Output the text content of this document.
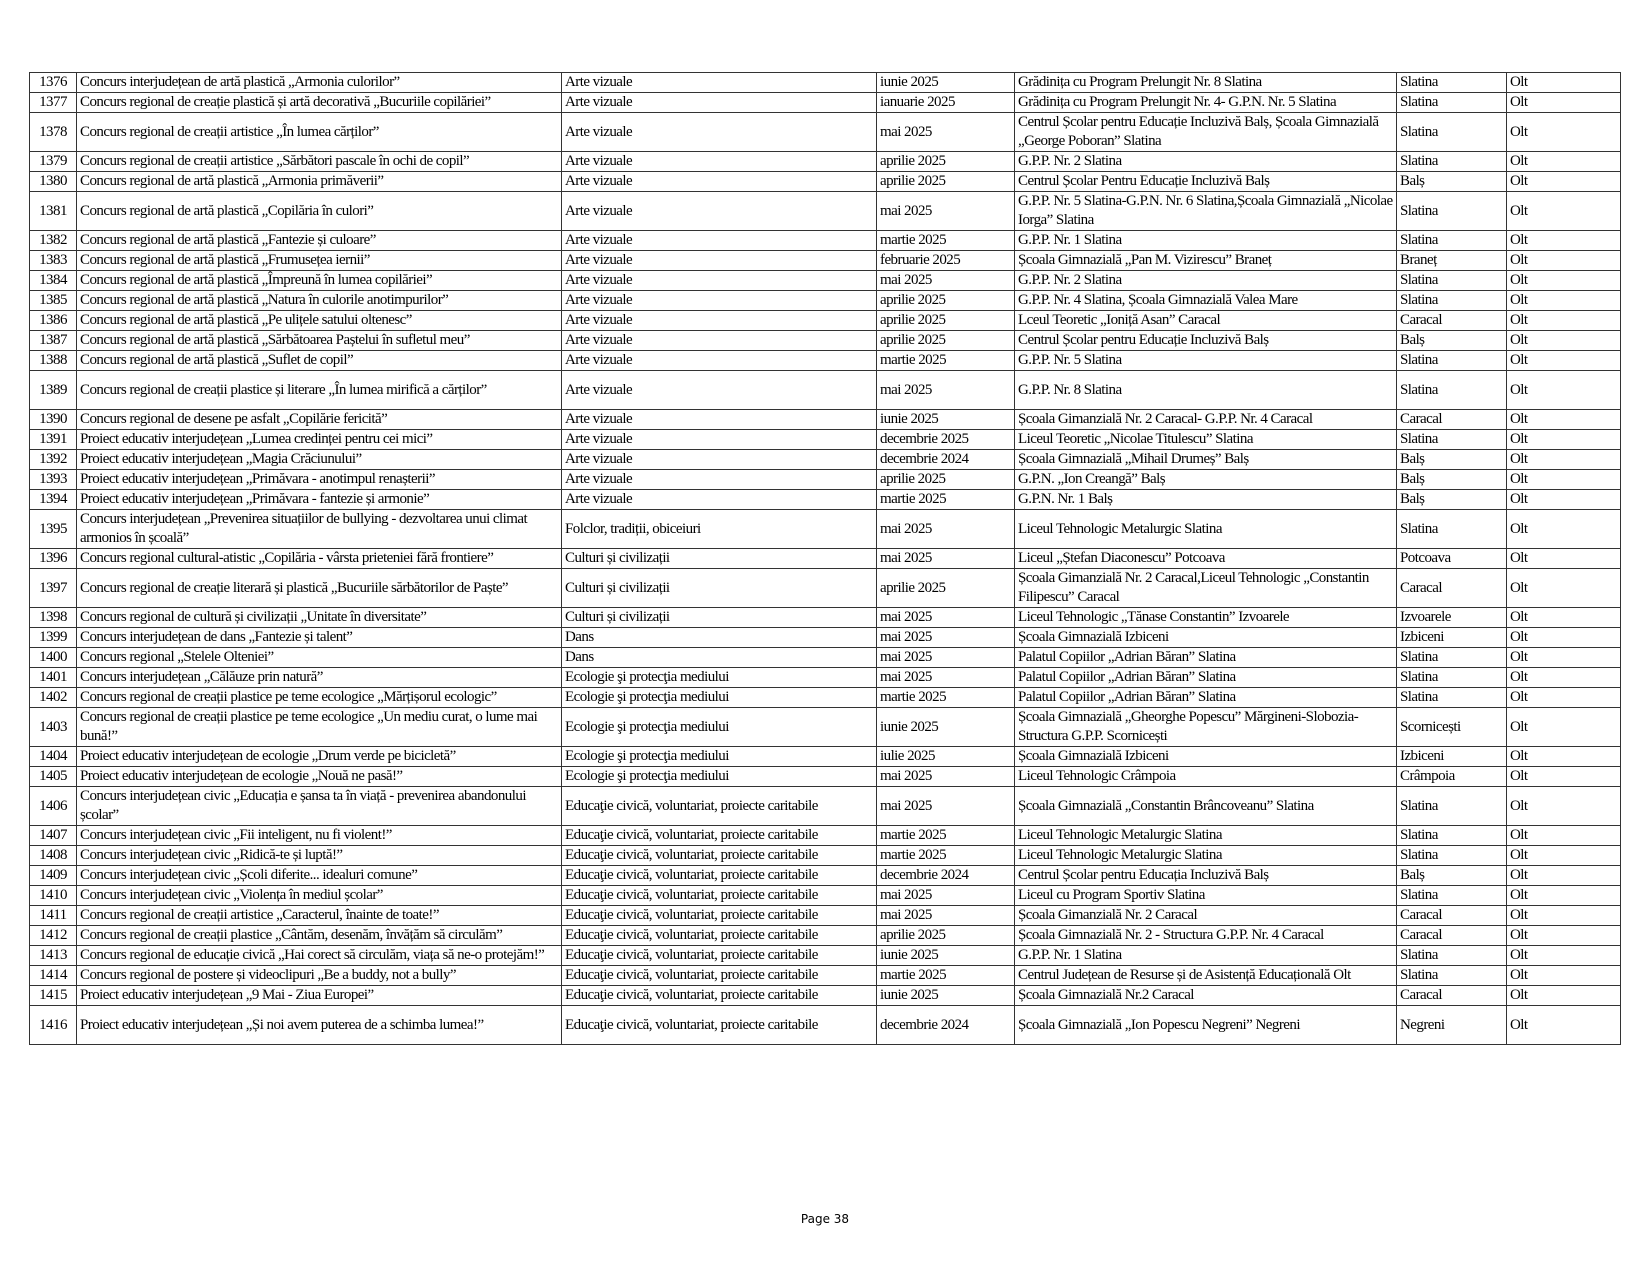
1376	Concurs interjudețean de artă plastică „Armonia culorilor”	Arte vizuale	iunie 2025	Grădinița cu Program Prelungit Nr. 8 Slatina	Slatina	Olt
1377	Concurs regional de creație plastică și artă decorativă „Bucuriile copilăriei”	Arte vizuale	ianuarie 2025	Grădinița cu Program Prelungit Nr. 4- G.P.N. Nr. 5 Slatina	Slatina	Olt
1378	Concurs regional de creații artistice „În lumea cărților”	Arte vizuale	mai 2025	Centrul Școlar pentru Educație Incluzivă Balș, Școala Gimnazială „George Poboran” Slatina	Slatina	Olt
1379	Concurs regional de creații artistice „Sărbători pascale în ochi de copil”	Arte vizuale	aprilie 2025	G.P.P. Nr. 2 Slatina	Slatina	Olt
1380	Concurs regional de artă plastică „Armonia primăverii”	Arte vizuale	aprilie 2025	Centrul Școlar Pentru Educație Incluzivă Balș	Balș	Olt
1381	Concurs regional de artă plastică „Copilăria în culori”	Arte vizuale	mai 2025	G.P.P. Nr. 5 Slatina-G.P.N. Nr. 6 Slatina,Școala Gimnazială „Nicolae Iorga” Slatina	Slatina	Olt
1382	Concurs regional de artă plastică „Fantezie și culoare”	Arte vizuale	martie 2025	G.P.P. Nr. 1 Slatina	Slatina	Olt
1383	Concurs regional de artă plastică „Frumusețea iernii”	Arte vizuale	februarie 2025	Școala Gimnazială „Pan M. Vizirescu” Braneț	Braneț	Olt
1384	Concurs regional de artă plastică „Împreună în lumea copilăriei”	Arte vizuale	mai 2025	G.P.P. Nr. 2 Slatina	Slatina	Olt
1385	Concurs regional de artă plastică „Natura în culorile anotimpurilor”	Arte vizuale	aprilie 2025	G.P.P. Nr. 4 Slatina, Școala Gimnazială Valea Mare	Slatina	Olt
1386	Concurs regional de artă plastică „Pe ulițele satului oltenesc”	Arte vizuale	aprilie 2025	Lceul Teoretic „Ioniță Asan” Caracal	Caracal	Olt
1387	Concurs regional de artă plastică „Sărbătoarea Paștelui în sufletul meu”	Arte vizuale	aprilie 2025	Centrul Școlar pentru Educație Incluzivă Balș	Balș	Olt
1388	Concurs regional de artă plastică „Suflet de copil”	Arte vizuale	martie 2025	G.P.P. Nr. 5 Slatina	Slatina	Olt
1389	Concurs regional de creații plastice și literare „În lumea mirifică a cărților”	Arte vizuale	mai 2025	G.P.P. Nr. 8 Slatina	Slatina	Olt
1390	Concurs regional de desene pe asfalt „Copilărie fericită”	Arte vizuale	iunie 2025	Școala Gimanzială Nr. 2 Caracal- G.P.P. Nr. 4 Caracal	Caracal	Olt
1391	Proiect educativ interjudețean „Lumea credinței pentru cei mici”	Arte vizuale	decembrie 2025	Liceul Teoretic „Nicolae Titulescu” Slatina	Slatina	Olt
1392	Proiect educativ interjudețean „Magia Crăciunului”	Arte vizuale	decembrie 2024	Școala Gimnazială „Mihail Drumeș” Balș	Balș	Olt
1393	Proiect educativ interjudețean „Primăvara - anotimpul renașterii”	Arte vizuale	aprilie 2025	G.P.N. „Ion Creangă” Balș	Balș	Olt
1394	Proiect educativ interjudețean „Primăvara - fantezie și armonie”	Arte vizuale	martie 2025	G.P.N. Nr. 1 Balș	Balș	Olt
1395	Concurs interjudețean „Prevenirea situațiilor de bullying - dezvoltarea unui climat armonios în școală”	Folclor, tradiții, obiceiuri	mai 2025	Liceul Tehnologic Metalurgic Slatina	Slatina	Olt
1396	Concurs regional cultural-atistic „Copilăria - vârsta prieteniei fără frontiere”	Culturi și civilizații	mai 2025	Liceul „Ștefan Diaconescu” Potcoava	Potcoava	Olt
1397	Concurs regional de creație literară și plastică „Bucuriile sărbătorilor de Paște”	Culturi și civilizații	aprilie 2025	Școala Gimanzială Nr. 2 Caracal,Liceul Tehnologic „Constantin Filipescu” Caracal	Caracal	Olt
1398	Concurs regional de cultură și civilizații „Unitate în diversitate”	Culturi și civilizații	mai 2025	Liceul Tehnologic „Tănase Constantin” Izvoarele	Izvoarele	Olt
1399	Concurs interjudețean de dans „Fantezie și talent”	Dans	mai 2025	Școala Gimnazială Izbiceni	Izbiceni	Olt
1400	Concurs regional „Stelele Olteniei”	Dans	mai 2025	Palatul Copiilor „Adrian Băran” Slatina	Slatina	Olt
1401	Concurs interjudețean „Călăuze prin natură”	Ecologie şi protecţia mediului	mai 2025	Palatul Copiilor „Adrian Băran” Slatina	Slatina	Olt
1402	Concurs regional de creații plastice pe teme ecologice „Mărțișorul ecologic”	Ecologie şi protecţia mediului	martie 2025	Palatul Copiilor „Adrian Băran” Slatina	Slatina	Olt
1403	Concurs regional de creații plastice pe teme ecologice „Un mediu curat, o lume mai bună!”	Ecologie şi protecţia mediului	iunie 2025	Școala Gimnazială „Gheorghe Popescu” Mărgineni-Slobozia- Structura G.P.P. Scornicești	Scornicești	Olt
1404	Proiect educativ interjudețean de ecologie „Drum verde pe bicicletă”	Ecologie şi protecţia mediului	iulie 2025	Școala Gimnazială Izbiceni	Izbiceni	Olt
1405	Proiect educativ interjudețean de ecologie „Nouă ne pasă!”	Ecologie şi protecţia mediului	mai 2025	Liceul Tehnologic Crâmpoia	Crâmpoia	Olt
1406	Concurs interjudețean civic „Educația e șansa ta în viață - prevenirea abandonului școlar”	Educaţie civică, voluntariat, proiecte caritabile	mai 2025	Școala Gimnazială „Constantin Brâncoveanu” Slatina	Slatina	Olt
1407	Concurs interjudețean civic „Fii inteligent, nu fi violent!”	Educaţie civică, voluntariat, proiecte caritabile	martie 2025	Liceul Tehnologic Metalurgic Slatina	Slatina	Olt
1408	Concurs interjudețean civic „Ridică-te și luptă!”	Educaţie civică, voluntariat, proiecte caritabile	martie 2025	Liceul Tehnologic Metalurgic Slatina	Slatina	Olt
1409	Concurs interjudețean civic „Școli diferite... idealuri comune”	Educaţie civică, voluntariat, proiecte caritabile	decembrie 2024	Centrul Școlar pentru Educația Incluzivă Balș	Balș	Olt
1410	Concurs interjudețean civic „Violența în mediul școlar”	Educaţie civică, voluntariat, proiecte caritabile	mai 2025	Liceul cu Program Sportiv Slatina	Slatina	Olt
1411	Concurs regional de creații artistice „Caracterul, înainte de toate!”	Educaţie civică, voluntariat, proiecte caritabile	mai 2025	Școala Gimanzială Nr. 2 Caracal	Caracal	Olt
1412	Concurs regional de creații plastice „Cântăm, desenăm, învățăm să circulăm”	Educaţie civică, voluntariat, proiecte caritabile	aprilie 2025	Școala Gimnazială Nr. 2 - Structura G.P.P. Nr. 4 Caracal	Caracal	Olt
1413	Concurs regional de educație civică „Hai corect să circulăm, viața să ne-o protejăm!”	Educaţie civică, voluntariat, proiecte caritabile	iunie 2025	G.P.P. Nr. 1 Slatina	Slatina	Olt
1414	Concurs regional de postere și videoclipuri „Be a buddy, not a bully”	Educaţie civică, voluntariat, proiecte caritabile	martie 2025	Centrul Județean de Resurse și de Asistență Educațională Olt	Slatina	Olt
1415	Proiect educativ interjudețean „9 Mai - Ziua Europei”	Educaţie civică, voluntariat, proiecte caritabile	iunie 2025	Școala Gimnazială Nr.2 Caracal	Caracal	Olt
1416	Proiect educativ interjudețean „Și noi avem puterea de a schimba lumea!”	Educaţie civică, voluntariat, proiecte caritabile	decembrie 2024	Școala Gimnazială „Ion Popescu Negreni” Negreni	Negreni	Olt
Page 38
